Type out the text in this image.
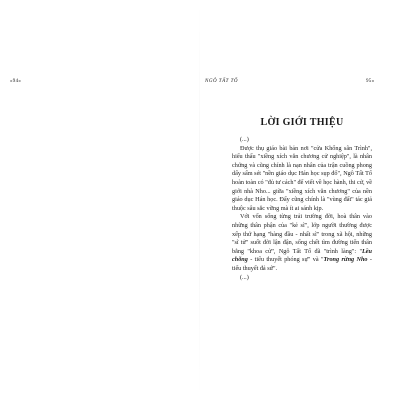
«94»	NGÔ TẤT TỐ	95»
LỜI GIỚI THIỆU

(...)

Được thụ giáo bài bản nơi "cửa Khổng sân Trình", hiểu thấu "xiềng xích văn chương cử nghiệp", là nhân chứng và cũng chính là nạn nhân của trận cuồng phong dấy sấm sét "nền giáo dục Hán học sụp đổ", Ngô Tất Tố hoàn toàn có "đủ tư cách" để viết về học hành, thi cử, về giới nhà Nho... giữa "xiềng xích văn chương" của nền giáo dục Hán học. Đấy cũng chính là "vùng đất" tác giả thuộc sâu sắc vững mà ít ai sánh kịp.

Với vốn sống từng trải trường đời, hoà thân vào những thân phận của "kẻ sĩ", lớp người thường được xếp thứ hạng "hàng đầu - nhất sĩ" trong xã hội, những "sĩ tử" suốt đời lận đận, sống chết tìm đường tiến thân bằng "khoa cử", Ngô Tất Tố đã "trình làng": "Lều chõng - tiểu thuyết phóng sự" và "Trong rừng Nho - tiểu thuyết đả sứ".

(...)
